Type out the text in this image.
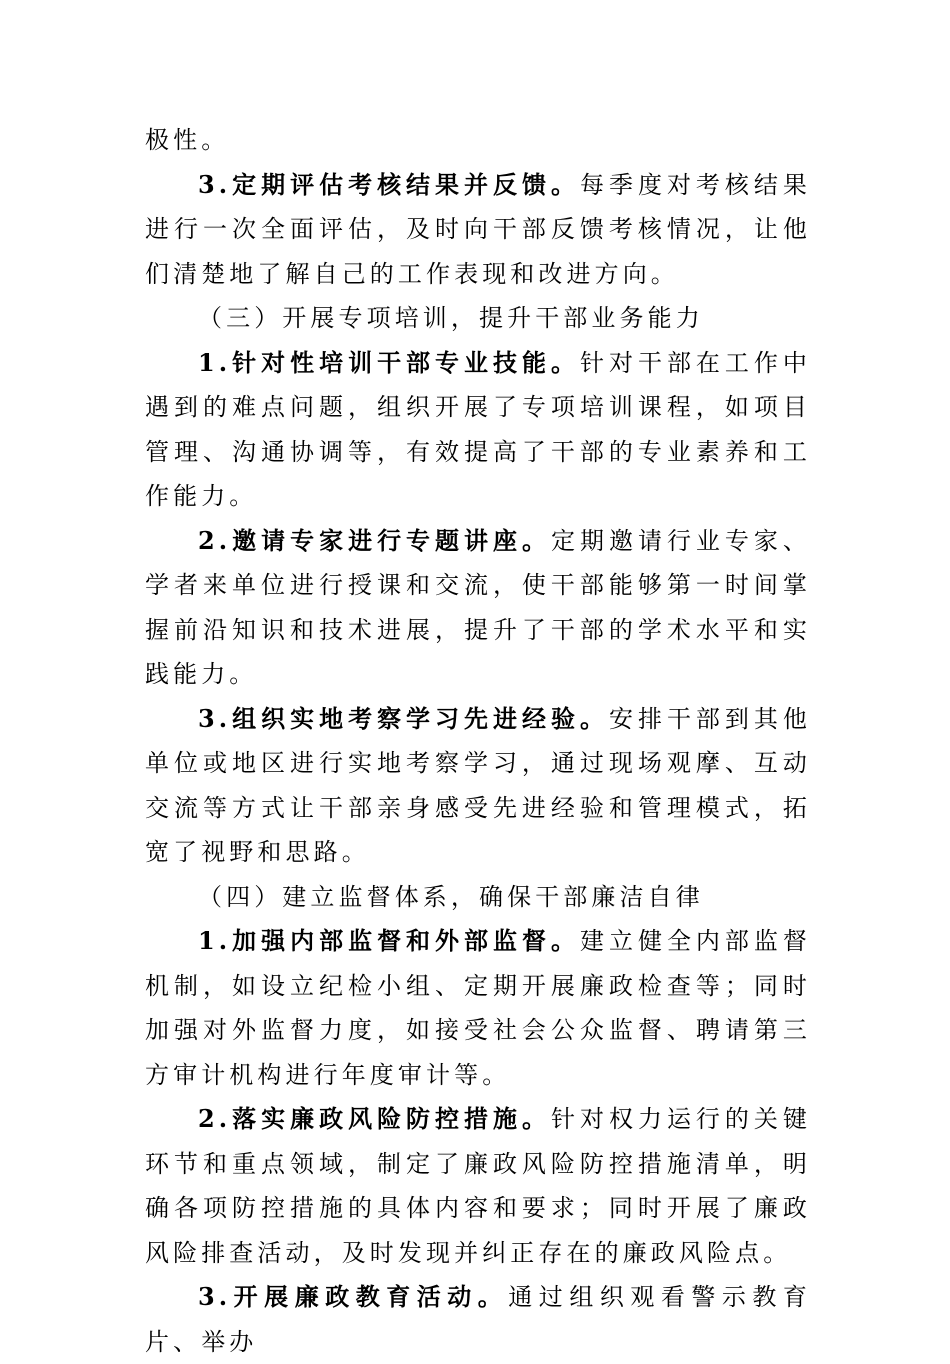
极性。

3.定期评估考核结果并反馈。每季度对考核结果进行一次全面评估，及时向干部反馈考核情况，让他们清楚地了解自己的工作表现和改进方向。

（三）开展专项培训，提升干部业务能力

1.针对性培训干部专业技能。针对干部在工作中遇到的难点问题，组织开展了专项培训课程，如项目管理、沟通协调等，有效提高了干部的专业素养和工作能力。

2.邀请专家进行专题讲座。定期邀请行业专家、学者来单位进行授课和交流，使干部能够第一时间掌握前沿知识和技术进展，提升了干部的学术水平和实践能力。

3.组织实地考察学习先进经验。安排干部到其他单位或地区进行实地考察学习，通过现场观摩、互动交流等方式让干部亲身感受先进经验和管理模式，拓宽了视野和思路。

（四）建立监督体系，确保干部廉洁自律

1.加强内部监督和外部监督。建立健全内部监督机制，如设立纪检小组、定期开展廉政检查等；同时加强对外监督力度，如接受社会公众监督、聘请第三方审计机构进行年度审计等。

2.落实廉政风险防控措施。针对权力运行的关键环节和重点领域，制定了廉政风险防控措施清单，明确各项防控措施的具体内容和要求；同时开展了廉政风险排查活动，及时发现并纠正存在的廉政风险点。

3.开展廉政教育活动。通过组织观看警示教育片、举办
